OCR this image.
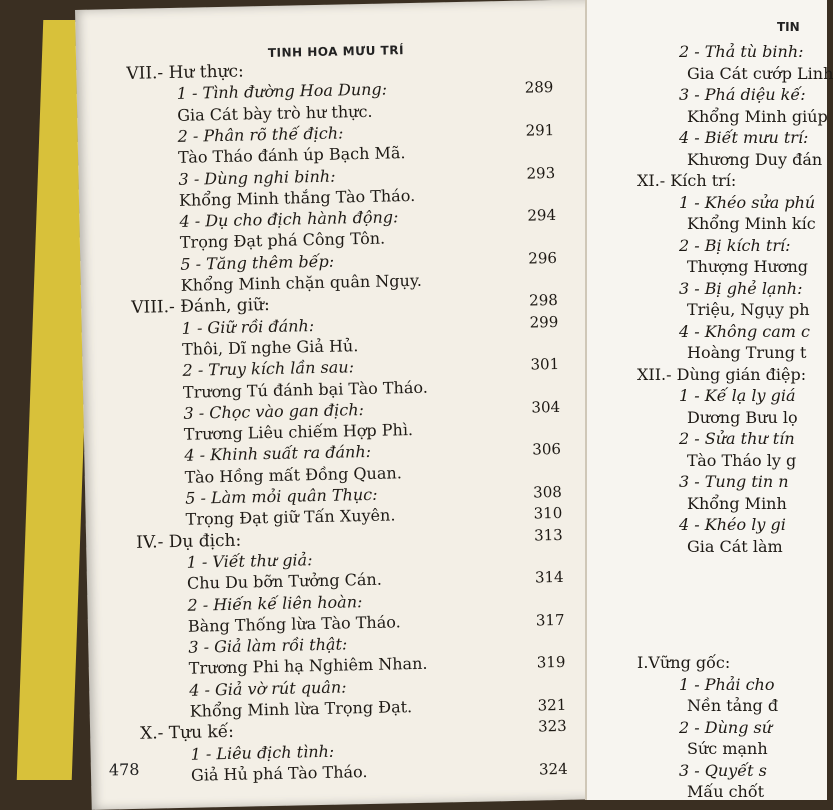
TINH HOA MƯU TRÍ
VII.- Hư thực:
1 - Tình đường Hoa Dung:	289
Gia Cát bày trò hư thực.
2 - Phân rõ thế địch:	291
Tào Tháo đánh úp Bạch Mã.
3 - Dùng nghi binh:	293
Khổng Minh thắng Tào Tháo.
4 - Dụ cho địch hành động:	294
Trọng Đạt phá Công Tôn.
5 - Tăng thêm bếp:	296
Khổng Minh chặn quân Ngụy.
VIII.- Đánh, giữ:	298
1 - Giữ rồi đánh:	299
Thôi, Dĩ nghe Giả Hủ.
2 - Truy kích lần sau:	301
Trương Tú đánh bại Tào Tháo.
3 - Chọc vào gan địch:	304
Trương Liêu chiếm Hợp Phì.
4 - Khinh suất ra đánh:	306
Tào Hồng mất Đồng Quan.
5 - Làm mỏi quân Thục:	308
Trọng Đạt giữ Tấn Xuyên.	310
IV.- Dụ địch:	313
1 - Viết thư giả:
Chu Du bỡn Tưởng Cán.	314
2 - Hiến kế liên hoàn:
Bàng Thống lừa Tào Tháo.	317
3 - Giả làm rồi thật:
Trương Phi hạ Nghiêm Nhan.	319
4 - Giả vờ rút quân:
Khổng Minh lừa Trọng Đạt.	321
X.- Tựu kế:	323
1 - Liêu địch tình:
Giả Hủ phá Tào Tháo.	324
478
TIN
2 - Thả tù binh:
Gia Cát cướp Linh
3 - Phá diệu kế:
Khổng Minh giúp
4 - Biết mưu trí:
Khương Duy đán
XI.- Kích trí:
1 - Khéo sửa phú
Khổng Minh kíc
2 - Bị kích trí:
Thượng Hương
3 - Bị ghẻ lạnh:
Triệu, Ngụy ph
4 - Không cam c
Hoàng Trung t
XII.- Dùng gián điệp:
1 - Kế lạ ly giá
Dương Bưu lọ
2 - Sửa thư tín
Tào Tháo ly g
3 - Tung tin n
Khổng Minh
4 - Khéo ly gi
Gia Cát làm
I.Vững gốc:
1 - Phải cho
Nền tảng đ
2 - Dùng sứ
Sức mạnh
3 - Quyết s
Mấu chốt
